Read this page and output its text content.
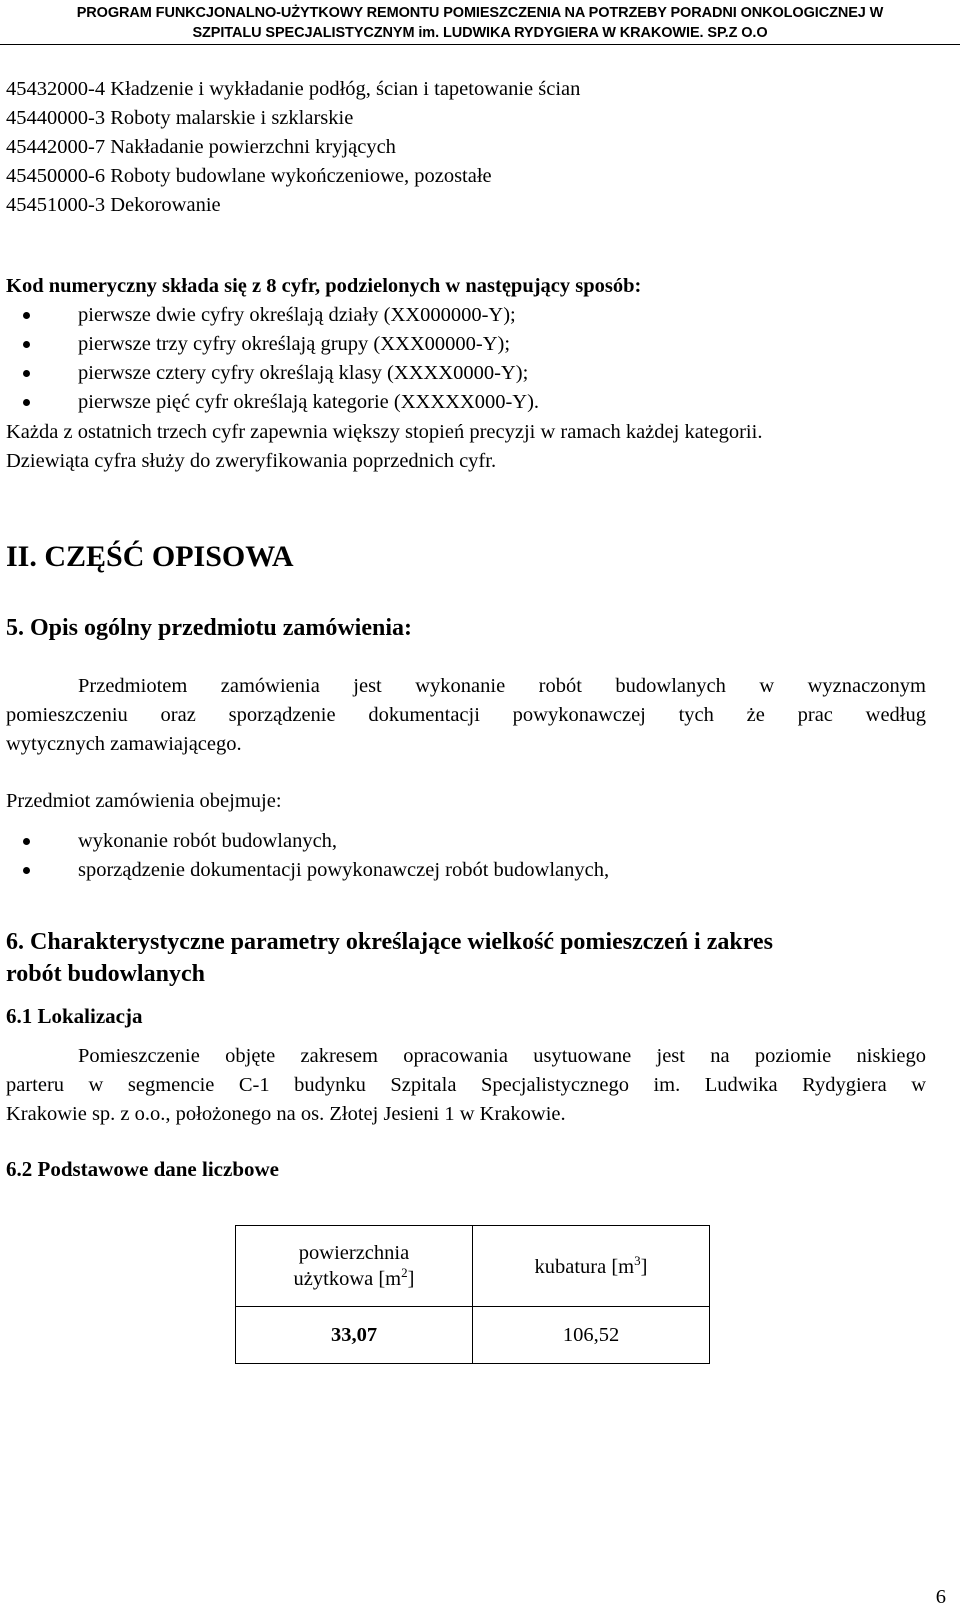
PROGRAM FUNKCJONALNO-UŻYTKOWY REMONTU POMIESZCZENIA NA POTRZEBY PORADNI ONKOLOGICZNEJ W
SZPITALU SPECJALISTYCZNYM im. LUDWIKA RYDYGIERA W KRAKOWIE. SP.Z O.O
45432000-4 Kładzenie i wykładanie podłóg, ścian i tapetowanie ścian
45440000-3 Roboty malarskie i szklarskie
45442000-7 Nakładanie powierzchni kryjących
45450000-6 Roboty budowlane wykończeniowe, pozostałe
45451000-3 Dekorowanie
Kod numeryczny składa się z 8 cyfr, podzielonych w następujący sposób:
pierwsze dwie cyfry określają działy (XX000000-Y);
pierwsze trzy cyfry określają grupy (XXX00000-Y);
pierwsze cztery cyfry określają klasy (XXXX0000-Y);
pierwsze pięć cyfr określają kategorie (XXXXX000-Y).
Każda z ostatnich trzech cyfr zapewnia większy stopień precyzji w ramach każdej kategorii.
Dziewiąta cyfra służy do zweryfikowania poprzednich cyfr.
II. CZĘŚĆ OPISOWA
5. Opis ogólny przedmiotu zamówienia:
Przedmiotem zamówienia jest wykonanie robót budowlanych w wyznaczonym
pomieszczeniu oraz sporządzenie dokumentacji powykonawczej tych że prac według
wytycznych zamawiającego.
Przedmiot zamówienia obejmuje:
wykonanie robót budowlanych,
sporządzenie dokumentacji powykonawczej robót budowlanych,
6. Charakterystyczne parametry określające wielkość pomieszczeń i zakres
robót budowlanych
6.1 Lokalizacja
Pomieszczenie objęte zakresem opracowania usytuowane jest na poziomie niskiego
parteru w segmencie C-1 budynku Szpitala Specjalistycznego im. Ludwika Rydygiera w
Krakowie sp. z o.o., położonego na os. Złotej Jesieni 1 w Krakowie.
6.2 Podstawowe dane liczbowe
powierzchnia
użytkowa $[m^2]$	kubatura $[m^3]$
33,07	106,52
6
